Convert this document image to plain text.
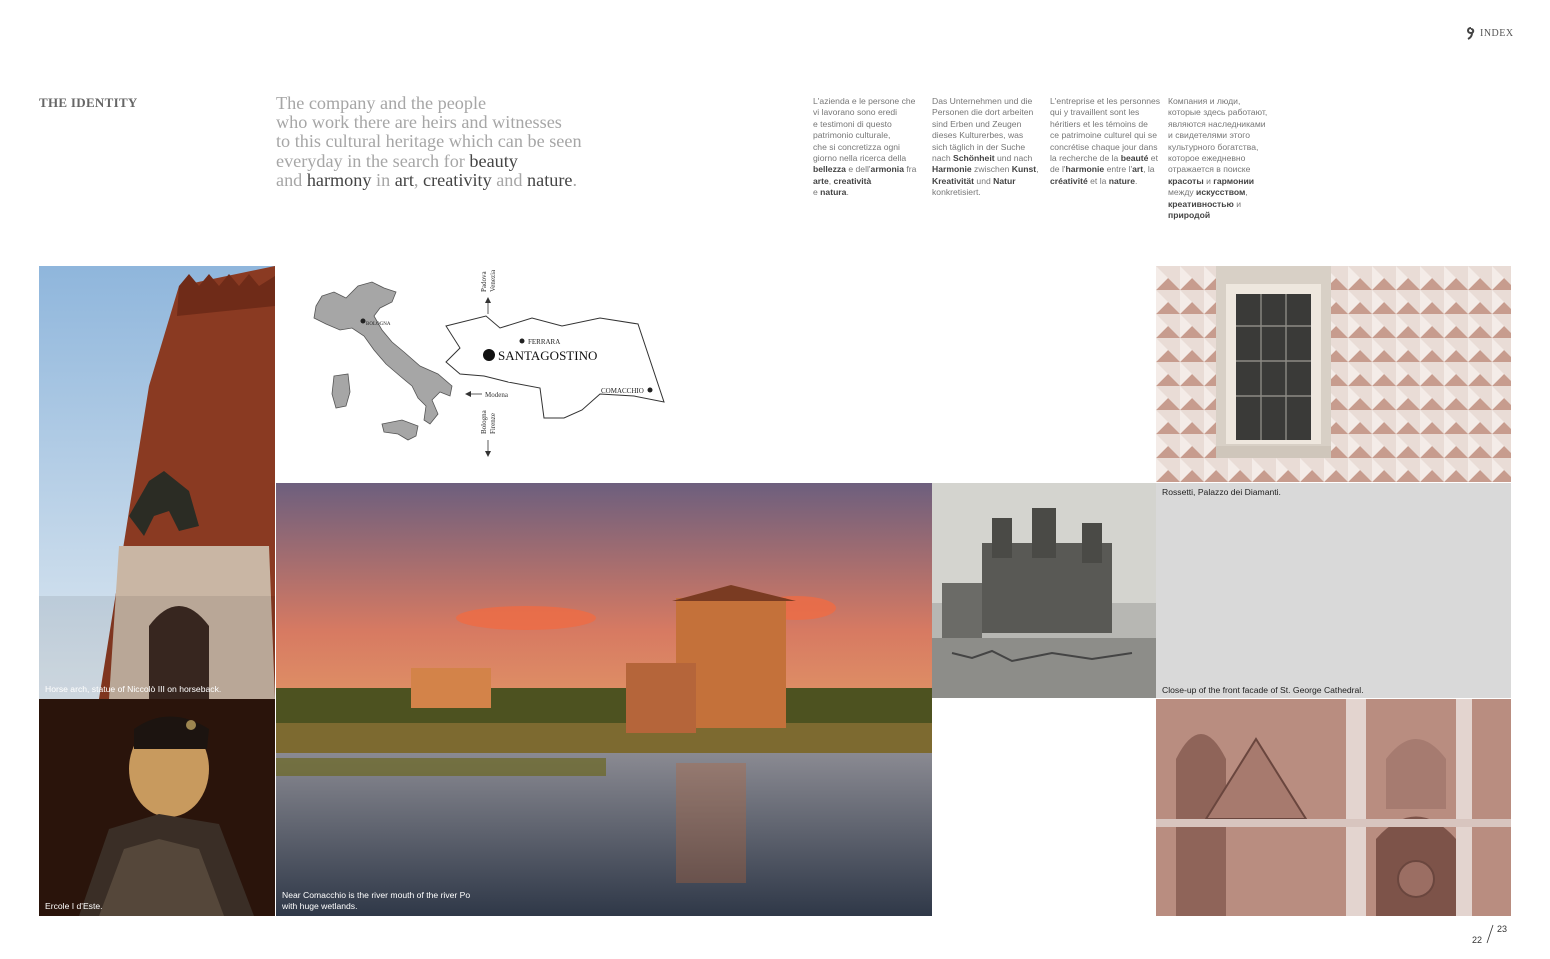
INDEX
THE IDENTITY	The company and the people
who work there are heirs and witnesses
to this cultural heritage which can be seen
everyday in the search for beauty
and harmony in art, creativity and nature.
L'azienda e le persone che
vi lavorano sono eredi
e testimoni di questo
patrimonio culturale,
che si concretizza ogni
giorno nella ricerca della
bellezza e dell'armonia fra
arte, creatività
e natura.
Das Unternehmen und die
Personen die dort arbeiten
sind Erben und Zeugen
dieses Kulturerbes, was
sich täglich in der Suche
nach Schönheit und nach
Harmonie zwischen Kunst,
Kreativität und Natur
konkretisiert.
L'entreprise et les personnes
qui y travaillent sont les
héritiers et les témoins de
ce patrimoine culturel qui se
concrétise chaque jour dans
la recherche de la beauté et
de l'harmonie entre l'art, la
créativité et la nature.
Компания и люди,
которые здесь работают,
являются наследниками
и свидетелями этого
культурного богатства,
которое ежедневно
отражается в поиске
красоты и гармонии
между искусством,
креативностью и
природой
BOLOGNA
FERRARA
SANTAGOSTINO
COMACCHIO
Padova Venezia
Modena
Bologna Firenze
Horse arch, statue of Niccolò III on horseback.
Ercole I d'Este.
Near Comacchio is the river mouth of the river Po
with huge wetlands.
Rossetti, Palazzo dei Diamanti.
Close-up of the front facade of St. George Cathedral.
22
23
